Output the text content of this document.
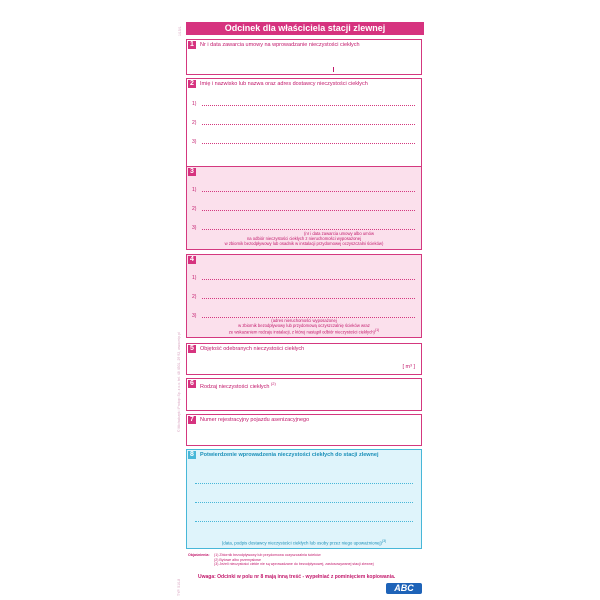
Odcinek dla właściciela stacji zlewnej
1/15/1
© Michalczyk i Prokop Sp. z o.o. tel. 48 4501, 29 92, www.mip.pl
TYP. 510-8
1	Nr i data zawarcia umowy na wprowadzanie nieczystości ciekłych
2	Imię i nazwisko lub nazwa oraz adres dostawcy nieczystości ciekłych
1)
2)
3)
3
1)
2)
3)
(nr i data zawarcia umowy albo umów
na odbiór nieczystości ciekłych z nieruchomości wyposażonej
w zbiornik bezodpływowy lub osadnik w instalacji przydomowej oczyszczalni ścieków)
4
1)
2)
3)
(adres nieruchomości wyposażonej
w zbiornik bezodpływowy lub przydomową oczyszczalnię ścieków wraz
ze wskazaniem rodzaju instalacji, z której nastąpił odbiór nieczystości ciekłych)$^{(1)}$
5	Objętość odebranych nieczystości ciekłych
[ m³ ]
6	Rodzaj nieczystości ciekłych $^{(2)}$
7	Numer rejestracyjny pojazdu asenizacyjnego
8	Potwierdzenie wprowadzenia nieczystości ciekłych do stacji zlewnej
(data, podpis dostawcy nieczystości ciekłych lub osoby przez niego upoważnionej)$^{(3)}$
Objaśnienia: (1) Zbiornik bezodpływowy lub przydomowa oczyszczalnia ścieków
(2) Bytowe albo przemysłowe
(3) Jeżeli nieczystości ciekłe nie są wprowadzane do bezodpływowej, zastosowywanej stacji zlewnej
Uwaga: Odcinki w polu nr 8 mają inną treść - wypełniać z pominięciem kopiowania.
ABC
